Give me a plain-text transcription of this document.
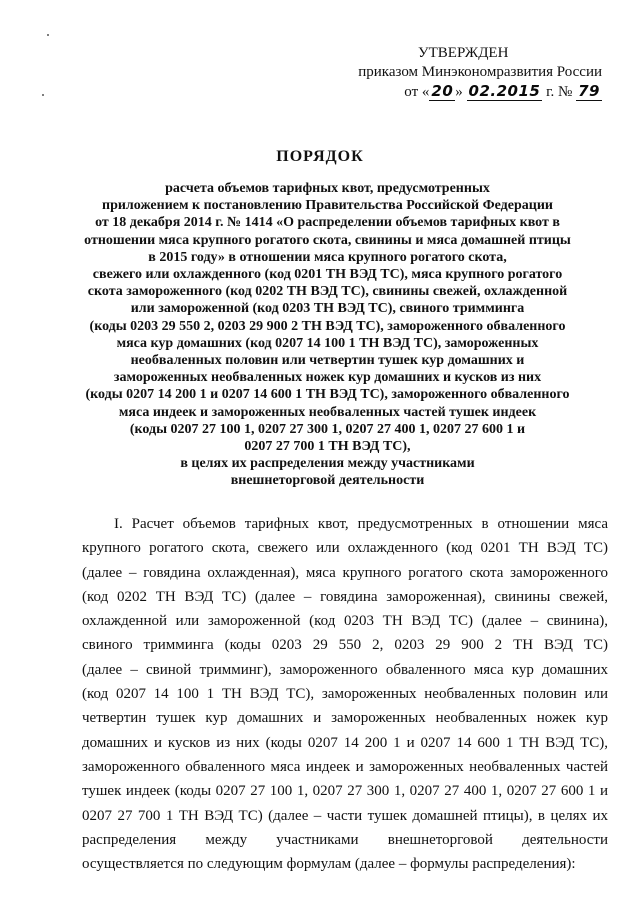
УТВЕРЖДЕН
приказом Минэкономразвития России
от « 20 » 02.2015 г. № 79
ПОРЯДОК
расчета объемов тарифных квот, предусмотренных
приложением к постановлению Правительства Российской Федерации
от 18 декабря 2014 г. № 1414 «О распределении объемов тарифных квот в
отношении мяса крупного рогатого скота, свинины и мяса домашней птицы
в 2015 году» в отношении мяса крупного рогатого скота,
свежего или охлажденного (код 0201 ТН ВЭД ТС), мяса крупного рогатого
скота замороженного (код 0202 ТН ВЭД ТС), свинины свежей, охлажденной
или замороженной (код 0203 ТН ВЭД ТС), свиного тримминга
(коды 0203 29 550 2, 0203 29 900 2 ТН ВЭД ТС), замороженного обваленного
мяса кур домашних (код 0207 14 100 1 ТН ВЭД ТС), замороженных
необваленных половин или четвертин тушек кур домашних и
замороженных необваленных ножек кур домашних и кусков из них
(коды 0207 14 200 1 и 0207 14 600 1 ТН ВЭД ТС), замороженного обваленного
мяса индеек и замороженных необваленных частей тушек индеек
(коды 0207 27 100 1, 0207 27 300 1, 0207 27 400 1, 0207 27 600 1 и
0207 27 700 1 ТН ВЭД ТС),
в целях их распределения между участниками
внешнеторговой деятельности
I. Расчет объемов тарифных квот, предусмотренных в отношении мяса
крупного рогатого скота, свежего или охлажденного (код 0201 ТН ВЭД ТС)
(далее – говядина охлажденная), мяса крупного рогатого скота замороженного
(код 0202 ТН ВЭД ТС) (далее – говядина замороженная), свинины свежей,
охлажденной или замороженной (код 0203 ТН ВЭД ТС) (далее – свинина),
свиного тримминга (коды 0203 29 550 2, 0203 29 900 2 ТН ВЭД ТС)
(далее – свиной тримминг), замороженного обваленного мяса кур домашних
(код 0207 14 100 1 ТН ВЭД ТС), замороженных необваленных половин или
четвертин тушек кур домашних и замороженных необваленных ножек кур
домашних и кусков из них (коды 0207 14 200 1 и 0207 14 600 1 ТН ВЭД ТС),
замороженного обваленного мяса индеек и замороженных необваленных частей
тушек индеек (коды 0207 27 100 1, 0207 27 300 1, 0207 27 400 1, 0207 27 600 1 и
0207 27 700 1 ТН ВЭД ТС) (далее – части тушек домашней птицы), в целях их
распределения между участниками внешнеторговой деятельности
осуществляется по следующим формулам (далее – формулы распределения):
